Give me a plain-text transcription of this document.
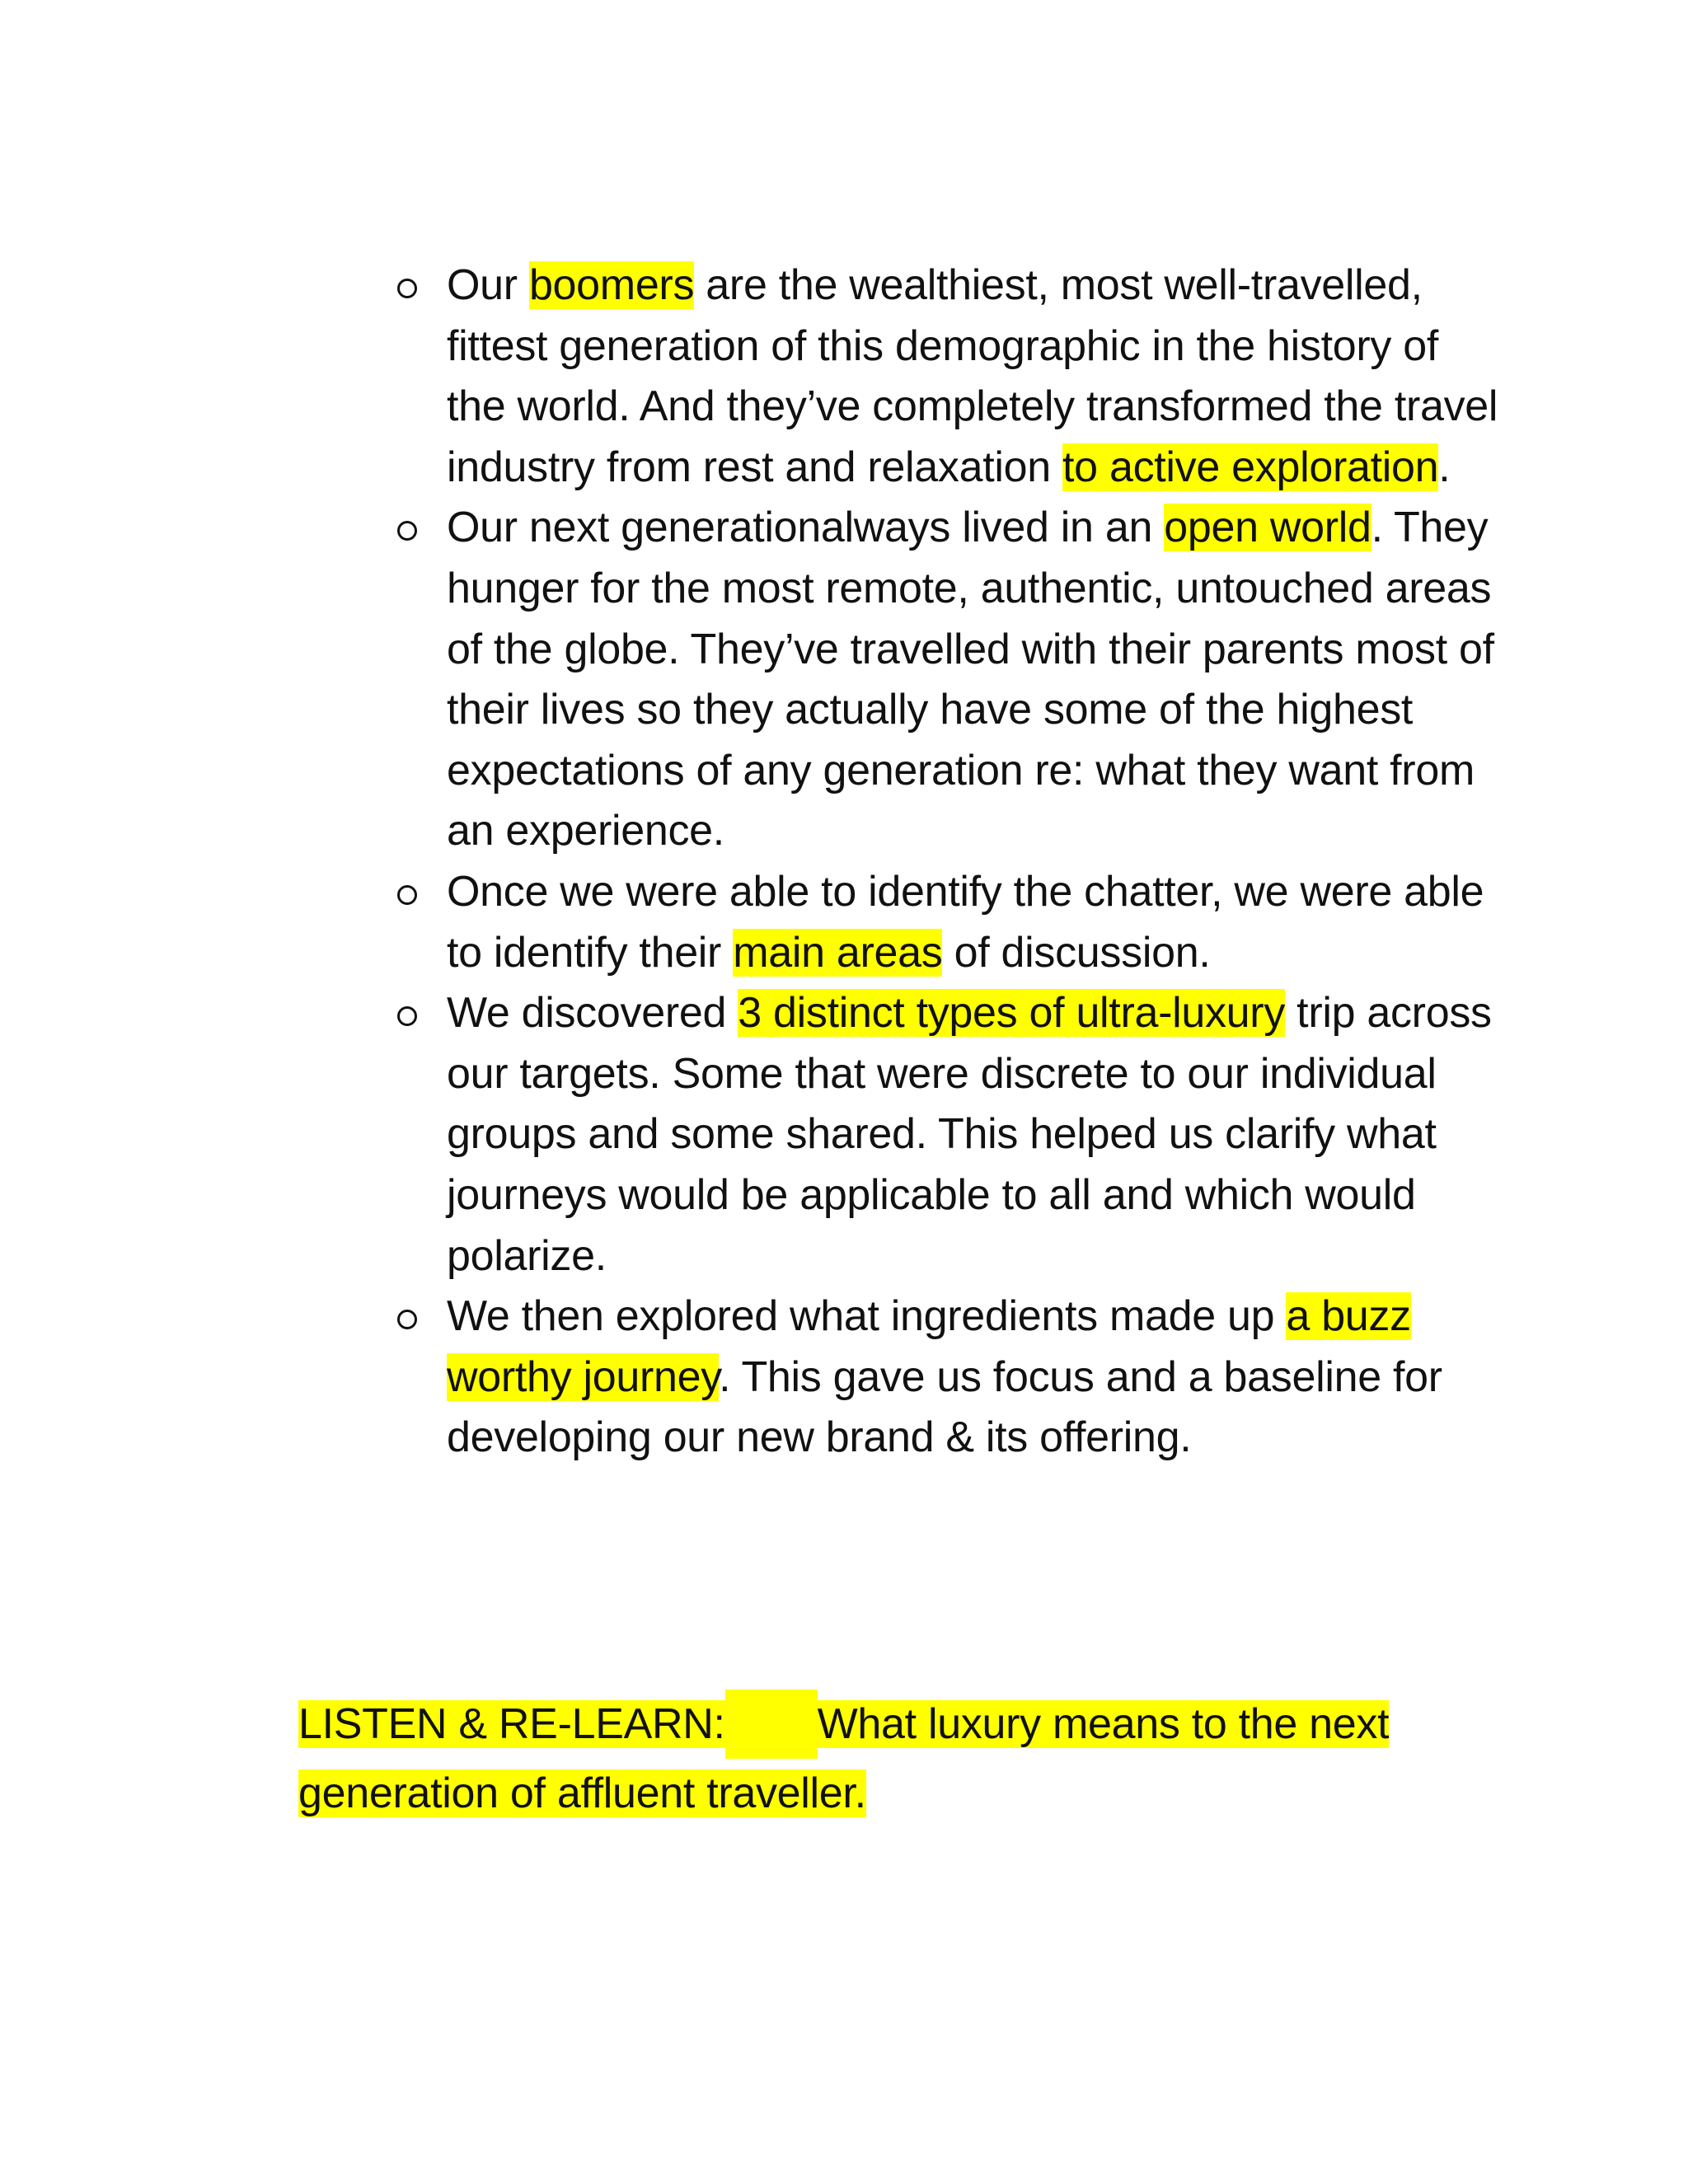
Our boomers are the wealthiest, most well-travelled, fittest generation of this demographic in the history of the world. And they’ve completely transformed the travel industry from rest and relaxation to active exploration.
Our next generationalways lived in an open world. They hunger for the most remote, authentic, untouched areas of the globe. They’ve travelled with their parents most of their lives so they actually have some of the highest expectations of any generation re: what they want from an experience.
Once we were able to identify the chatter, we were able to identify their main areas of discussion.
We discovered 3 distinct types of ultra-luxury trip across our targets. Some that were discrete to our individual groups and some shared. This helped us clarify what journeys would be applicable to all and which would polarize.
We then explored what ingredients made up a buzz worthy journey. This gave us focus and a baseline for developing our new brand & its offering.
LISTEN & RE-LEARN: What luxury means to the next
generation of affluent traveller.
